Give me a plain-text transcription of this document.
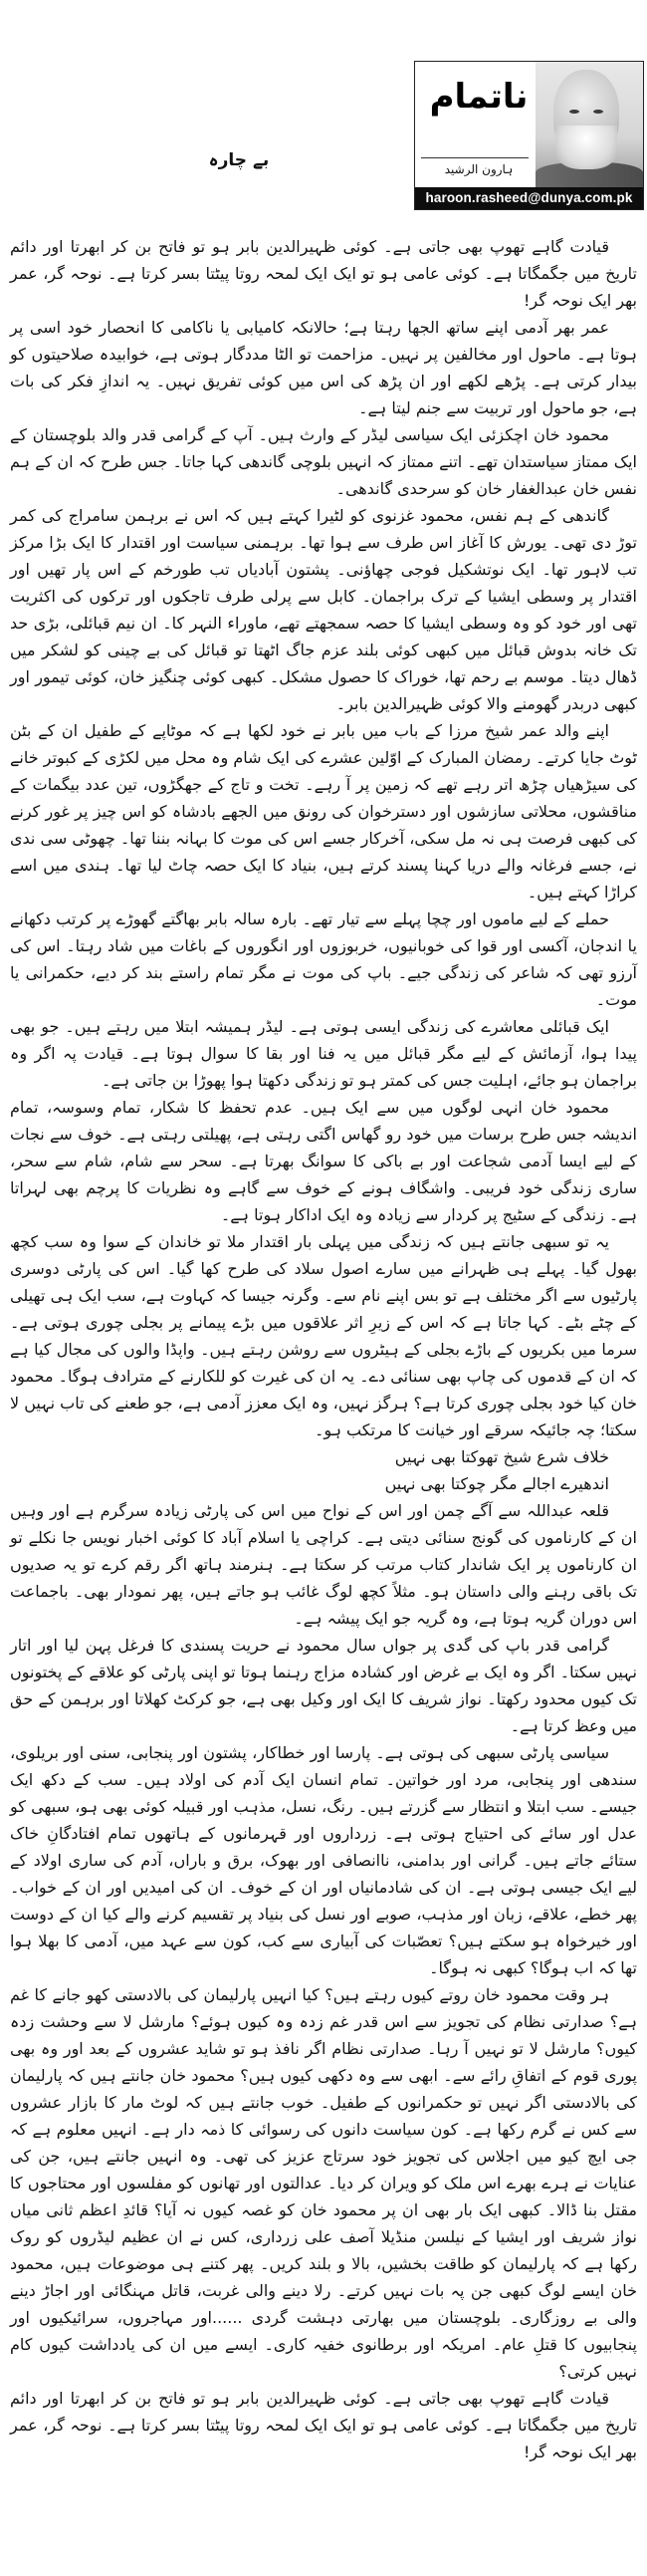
بے چارہ
ناتمام
ہارون الرشید
haroon.rasheed@dunya.com.pk

قیادت گاہے تھوپ بھی جاتی ہے۔ کوئی ظہیرالدین بابر ہو تو فاتح بن کر ابھرتا اور دائم تاریخ میں جگمگاتا ہے۔ کوئی عامی ہو تو ایک ایک لمحہ روتا پیٹتا بسر کرتا ہے۔ نوحہ گر، عمر بھر ایک نوحہ گر!

عمر بھر آدمی اپنے ساتھ الجھا رہتا ہے؛ حالانکہ کامیابی یا ناکامی کا انحصار خود اسی پر ہوتا ہے۔ ماحول اور مخالفین پر نہیں۔ مزاحمت تو الٹا مددگار ہوتی ہے، خوابیدہ صلاحیتوں کو بیدار کرتی ہے۔ پڑھے لکھے اور ان پڑھ کی اس میں کوئی تفریق نہیں۔ یہ اندازِ فکر کی بات ہے، جو ماحول اور تربیت سے جنم لیتا ہے۔

محمود خان اچکزئی ایک سیاسی لیڈر کے وارث ہیں۔ آپ کے گرامی قدر والد بلوچستان کے ایک ممتاز سیاستدان تھے۔ اتنے ممتاز کہ انہیں بلوچی گاندھی کہا جاتا۔ جس طرح کہ ان کے ہم نفس خان عبدالغفار خان کو سرحدی گاندھی۔

گاندھی کے ہم نفس، محمود غزنوی کو لٹیرا کہتے ہیں کہ اس نے برہمن سامراج کی کمر توڑ دی تھی۔ یورش کا آغاز اس طرف سے ہوا تھا۔ برہمنی سیاست اور اقتدار کا ایک بڑا مرکز تب لاہور تھا۔ ایک نوتشکیل فوجی چھاؤنی۔ پشتون آبادیاں تب طورخم کے اس پار تھیں اور اقتدار پر وسطی ایشیا کے ترک براجمان۔ کابل سے پرلی طرف تاجکوں اور ترکوں کی اکثریت تھی اور خود کو وہ وسطی ایشیا کا حصہ سمجھتے تھے، ماوراء النہر کا۔ ان نیم قبائلی، بڑی حد تک خانہ بدوش قبائل میں کبھی کوئی بلند عزم جاگ اٹھتا تو قبائل کی بے چینی کو لشکر میں ڈھال دیتا۔ موسم بے رحم تھا، خوراک کا حصول مشکل۔ کبھی کوئی چنگیز خان، کوئی تیمور اور کبھی دربدر گھومنے والا کوئی ظہیرالدین بابر۔

اپنے والد عمر شیخ مرزا کے باب میں بابر نے خود لکھا ہے کہ موٹاپے کے طفیل ان کے بٹن ٹوٹ جایا کرتے۔ رمضان المبارک کے اوّلین عشرے کی ایک شام وہ محل میں لکڑی کے کبوتر خانے کی سیڑھیاں چڑھ اتر رہے تھے کہ زمین پر آ رہے۔ تخت و تاج کے جھگڑوں، تین عدد بیگمات کے مناقشوں، محلاتی سازشوں اور دسترخوان کی رونق میں الجھے بادشاہ کو اس چیز پر غور کرنے کی کبھی فرصت ہی نہ مل سکی، آخرکار جسے اس کی موت کا بہانہ بننا تھا۔ چھوٹی سی ندی نے، جسے فرغانہ والے دریا کہنا پسند کرتے ہیں، بنیاد کا ایک حصہ چاٹ لیا تھا۔ ہندی میں اسے کراڑا کہتے ہیں۔

حملے کے لیے ماموں اور چچا پہلے سے تیار تھے۔ بارہ سالہ بابر بھاگتے گھوڑے پر کرتب دکھانے یا اندجان، آکسی اور قوا کی خوبانیوں، خربوزوں اور انگوروں کے باغات میں شاد رہتا۔ اس کی آرزو تھی کہ شاعر کی زندگی جیے۔ باپ کی موت نے مگر تمام راستے بند کر دیے، حکمرانی یا موت۔

ایک قبائلی معاشرے کی زندگی ایسی ہوتی ہے۔ لیڈر ہمیشہ ابتلا میں رہتے ہیں۔ جو بھی پیدا ہوا، آزمائش کے لیے مگر قبائل میں یہ فنا اور بقا کا سوال ہوتا ہے۔ قیادت پہ اگر وہ براجمان ہو جائے، اہلیت جس کی کمتر ہو تو زندگی دکھتا ہوا پھوڑا بن جاتی ہے۔

محمود خان انہی لوگوں میں سے ایک ہیں۔ عدم تحفظ کا شکار، تمام وسوسہ، تمام اندیشہ جس طرح برسات میں خود رو گھاس اگتی رہتی ہے، پھیلتی رہتی ہے۔ خوف سے نجات کے لیے ایسا آدمی شجاعت اور بے باکی کا سوانگ بھرتا ہے۔ سحر سے شام، شام سے سحر، ساری زندگی خود فریبی۔ واشگاف ہونے کے خوف سے گاہے وہ نظریات کا پرچم بھی لہراتا ہے۔ زندگی کے سٹیج پر کردار سے زیادہ وہ ایک اداکار ہوتا ہے۔

یہ تو سبھی جانتے ہیں کہ زندگی میں پہلی بار اقتدار ملا تو خاندان کے سوا وہ سب کچھ بھول گیا۔ پہلے ہی ظہرانے میں سارے اصول سلاد کی طرح کھا گیا۔ اس کی پارٹی دوسری پارٹیوں سے اگر مختلف ہے تو بس اپنے نام سے۔ وگرنہ جیسا کہ کہاوت ہے، سب ایک ہی تھیلی کے چٹے بٹے۔ کہا جاتا ہے کہ اس کے زیرِ اثر علاقوں میں بڑے پیمانے پر بجلی چوری ہوتی ہے۔ سرما میں بکریوں کے باڑے بجلی کے ہیٹروں سے روشن رہتے ہیں۔ واپڈا والوں کی مجال کیا ہے کہ ان کے قدموں کی چاپ بھی سنائی دے۔ یہ ان کی غیرت کو للکارنے کے مترادف ہوگا۔ محمود خان کیا خود بجلی چوری کرتا ہے؟ ہرگز نہیں، وہ ایک معزز آدمی ہے، جو طعنے کی تاب نہیں لا سکتا؛ چہ جائیکہ سرقے اور خیانت کا مرتکب ہو۔

خلاف شرع شیخ تھوکتا بھی نہیں

اندھیرے اجالے مگر چوکتا بھی نہیں

قلعہ عبداللہ سے آگے چمن اور اس کے نواح میں اس کی پارٹی زیادہ سرگرم ہے اور وہیں ان کے کارناموں کی گونج سنائی دیتی ہے۔ کراچی یا اسلام آباد کا کوئی اخبار نویس جا نکلے تو ان کارناموں پر ایک شاندار کتاب مرتب کر سکتا ہے۔ ہنرمند ہاتھ اگر رقم کرے تو یہ صدیوں تک باقی رہنے والی داستان ہو۔ مثلاً کچھ لوگ غائب ہو جاتے ہیں، پھر نمودار بھی۔ باجماعت اس دوران گریہ ہوتا ہے، وہ گریہ جو ایک پیشہ ہے۔

گرامی قدر باپ کی گدی پر جواں سال محمود نے حریت پسندی کا فرغل پہن لیا اور اتار نہیں سکتا۔ اگر وہ ایک بے غرض اور کشادہ مزاج رہنما ہوتا تو اپنی پارٹی کو علاقے کے پختونوں تک کیوں محدود رکھتا۔ نواز شریف کا ایک اور وکیل بھی ہے، جو کرکٹ کھلاتا اور برہمن کے حق میں وعظ کرتا ہے۔

سیاسی پارٹی سبھی کی ہوتی ہے۔ پارسا اور خطاکار، پشتون اور پنجابی، سنی اور بریلوی، سندھی اور پنجابی، مرد اور خواتین۔ تمام انسان ایک آدم کی اولاد ہیں۔ سب کے دکھ ایک جیسے۔ سب ابتلا و انتظار سے گزرتے ہیں۔ رنگ، نسل، مذہب اور قبیلہ کوئی بھی ہو، سبھی کو عدل اور سائے کی احتیاج ہوتی ہے۔ زرداروں اور قہرمانوں کے ہاتھوں تمام افتادگانِ خاک ستائے جاتے ہیں۔ گرانی اور بدامنی، ناانصافی اور بھوک، برق و باراں، آدم کی ساری اولاد کے لیے ایک جیسی ہوتی ہے۔ ان کی شادمانیاں اور ان کے خوف۔ ان کی امیدیں اور ان کے خواب۔ پھر خطے، علاقے، زبان اور مذہب، صوبے اور نسل کی بنیاد پر تقسیم کرنے والے کیا ان کے دوست اور خیرخواہ ہو سکتے ہیں؟ تعصّبات کی آبیاری سے کب، کون سے عہد میں، آدمی کا بھلا ہوا تھا کہ اب ہوگا؟ کبھی نہ ہوگا۔

ہر وقت محمود خان روتے کیوں رہتے ہیں؟ کیا انہیں پارلیمان کی بالادستی کھو جانے کا غم ہے؟ صدارتی نظام کی تجویز سے اس قدر غم زدہ وہ کیوں ہوئے؟ مارشل لا سے وحشت زدہ کیوں؟ مارشل لا تو نہیں آ رہا۔ صدارتی نظام اگر نافذ ہو تو شاید عشروں کے بعد اور وہ بھی پوری قوم کے اتفاقِ رائے سے۔ ابھی سے وہ دکھی کیوں ہیں؟ محمود خان جانتے ہیں کہ پارلیمان کی بالادستی اگر نہیں تو حکمرانوں کے طفیل۔ خوب جانتے ہیں کہ لوٹ مار کا بازار عشروں سے کس نے گرم رکھا ہے۔ کون سیاست دانوں کی رسوائی کا ذمہ دار ہے۔ انہیں معلوم ہے کہ جی ایچ کیو میں اجلاس کی تجویز خود سرتاج عزیز کی تھی۔ وہ انہیں جانتے ہیں، جن کی عنایات نے ہرے بھرے اس ملک کو ویران کر دیا۔ عدالتوں اور تھانوں کو مفلسوں اور محتاجوں کا مقتل بنا ڈالا۔ کبھی ایک بار بھی ان پر محمود خان کو غصہ کیوں نہ آیا؟ قائدِ اعظم ثانی میاں نواز شریف اور ایشیا کے نیلسن منڈیلا آصف علی زرداری، کس نے ان عظیم لیڈروں کو روک رکھا ہے کہ پارلیمان کو طاقت بخشیں، بالا و بلند کریں۔ پھر کتنے ہی موضوعات ہیں، محمود خان ایسے لوگ کبھی جن پہ بات نہیں کرتے۔ رلا دینے والی غربت، قاتل مہنگائی اور اجاڑ دینے والی بے روزگاری۔ بلوچستان میں بھارتی دہشت گردی ......اور مہاجروں، سرائیکیوں اور پنجابیوں کا قتلِ عام۔ امریکہ اور برطانوی خفیہ کاری۔ ایسے میں ان کی یادداشت کیوں کام نہیں کرتی؟

قیادت گاہے تھوپ بھی جاتی ہے۔ کوئی ظہیرالدین بابر ہو تو فاتح بن کر ابھرتا اور دائم تاریخ میں جگمگاتا ہے۔ کوئی عامی ہو تو ایک ایک لمحہ روتا پیٹتا بسر کرتا ہے۔ نوحہ گر، عمر بھر ایک نوحہ گر!
